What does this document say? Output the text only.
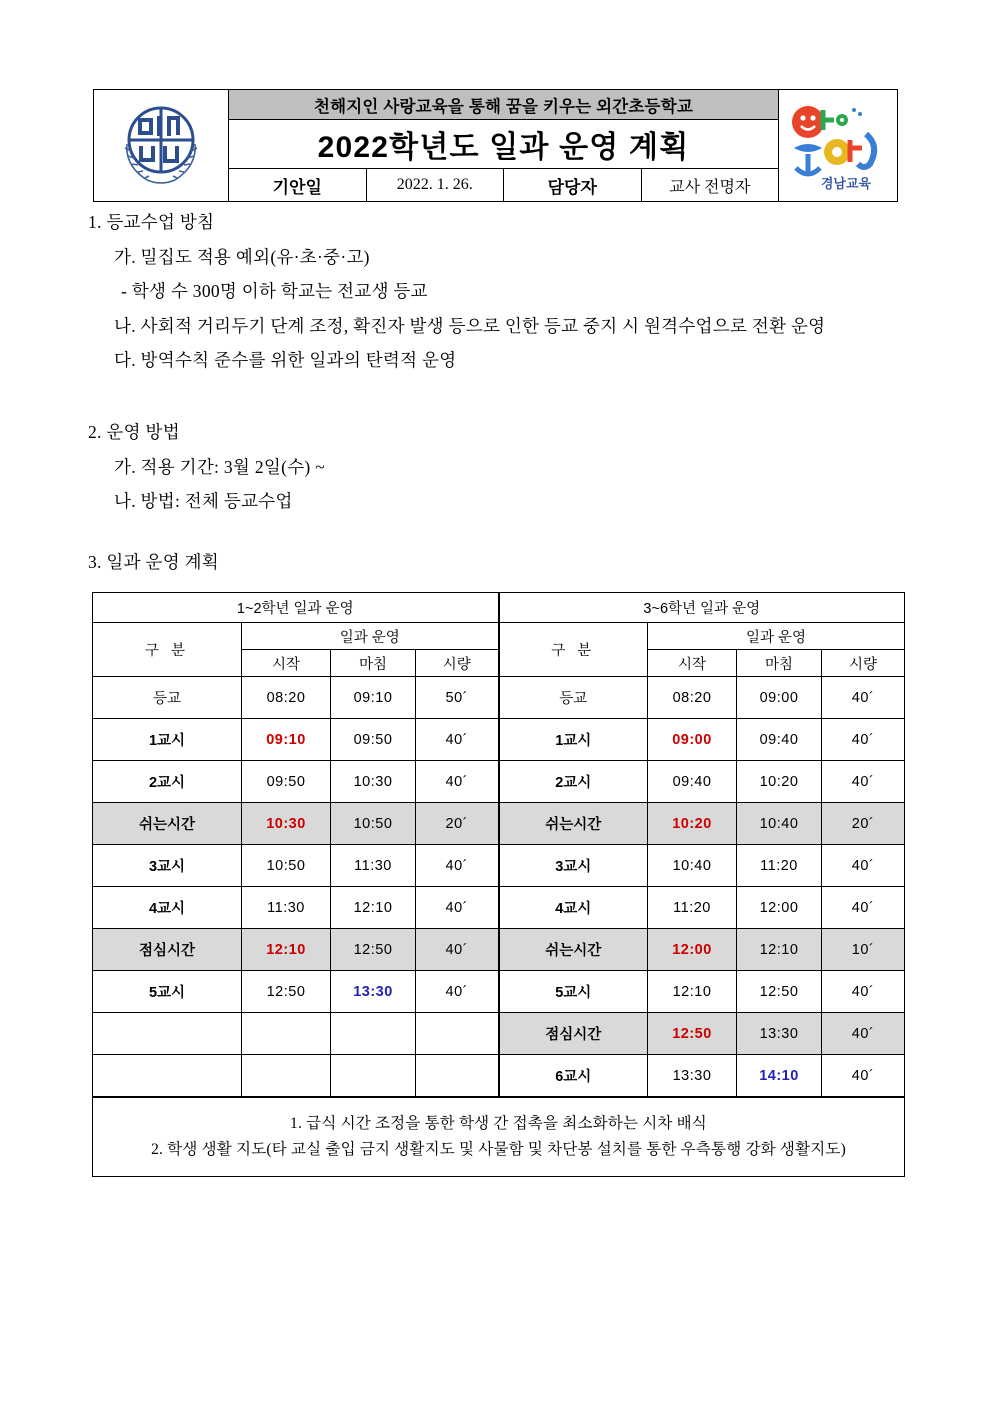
	천해지인 사랑교육을 통해 꿈을 키우는 외간초등학교				경남교육

	2022학년도 일과 운영 계획				
	기안일	2022. 1. 26.	담당자	교사 전명자	
1. 등교수업 방침
가. 밀집도 적용 예외(유·초·중·고)
- 학생 수 300명 이하 학교는 전교생 등교
나. 사회적 거리두기 단계 조정, 확진자 발생 등으로 인한 등교 중지 시 원격수업으로 전환 운영
다. 방역수칙 준수를 위한 일과의 탄력적 운영
2. 운영 방법
가. 적용 기간: 3월 2일(수) ~
나. 방법: 전체 등교수업
3. 일과 운영 계획
1~2학년 일과 운영				3~6학년 일과 운영			
구 분	일과 운영			구 분	일과 운영		
	시작	마침	시량		시작	마침	시량
등교	08:20	09:10	50´	등교	08:20	09:00	40´
1교시	09:10	09:50	40´	1교시	09:00	09:40	40´
2교시	09:50	10:30	40´	2교시	09:40	10:20	40´
쉬는시간	10:30	10:50	20´	쉬는시간	10:20	10:40	20´
3교시	10:50	11:30	40´	3교시	10:40	11:20	40´
4교시	11:30	12:10	40´	4교시	11:20	12:00	40´
점심시간	12:10	12:50	40´	쉬는시간	12:00	12:10	10´
5교시	12:50	13:30	40´	5교시	12:10	12:50	40´
				점심시간	12:50	13:30	40´
				6교시	13:30	14:10	40´

1. 급식 시간 조정을 통한 학생 간 접촉을 최소화하는 시차 배식
2. 학생 생활 지도(타 교실 출입 금지 생활지도 및 사물함 및 차단봉 설치를 통한 우측통행 강화 생활지도)							
